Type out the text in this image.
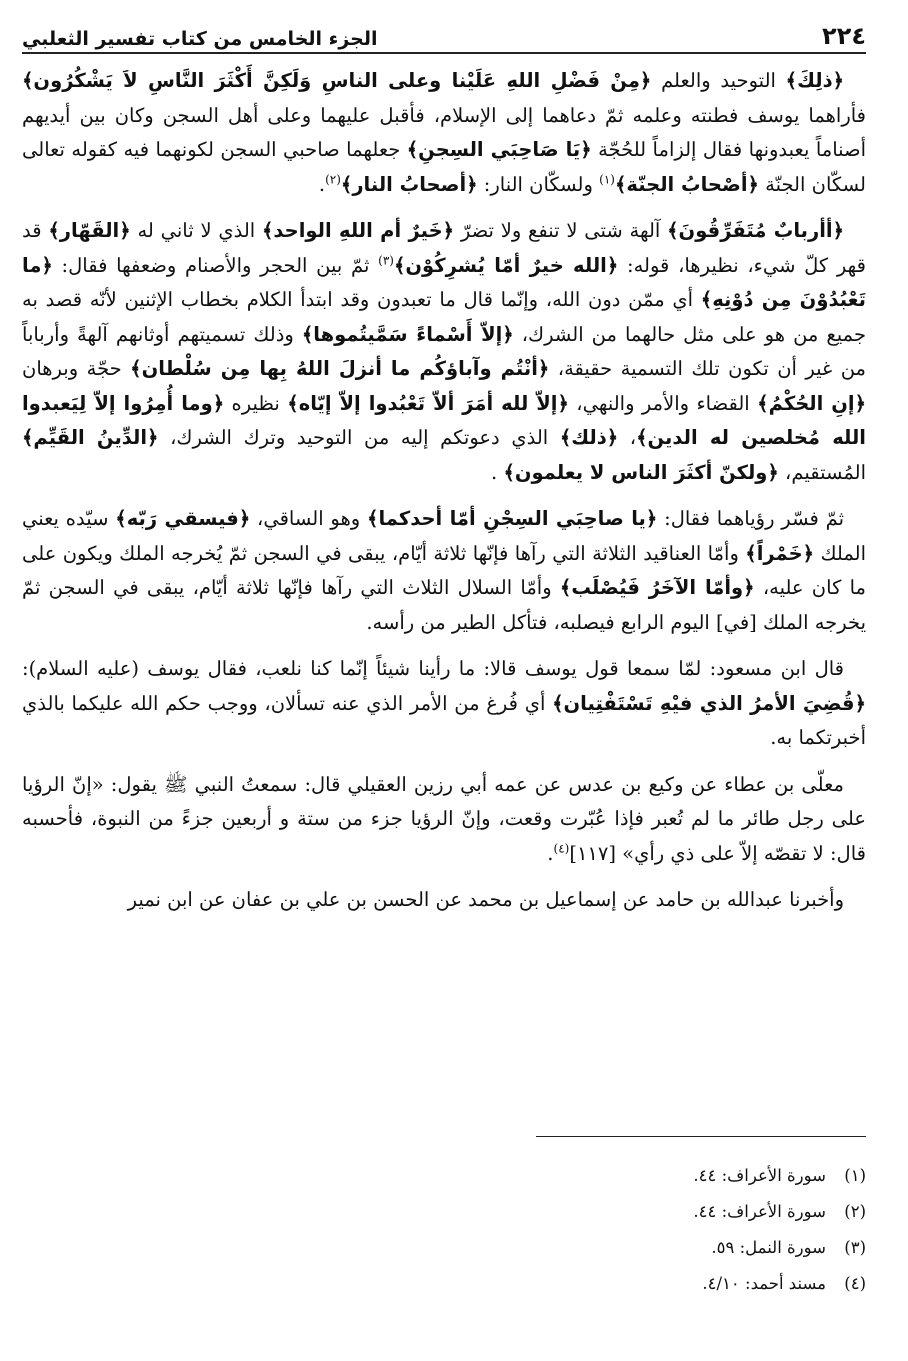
٢٢٤
الجزء الخامس من كتاب تفسير الثعلبي

﴿ذلِكَ﴾ التوحيد والعلم ﴿مِنْ فَضْلِ اللهِ عَلَيْنا وعلى الناسِ وَلَكِنَّ أَكْثَرَ النَّاسِ لاَ يَشْكُرُون﴾ فأراهما يوسف فطنته وعلمه ثمّ دعاهما إلى الإسلام، فأقبل عليهما وعلى أهل السجن وكان بين أيديهم أصناماً يعبدونها فقال إلزاماً للحُجّة ﴿يَا صَاحِبَي السِجنِ﴾ جعلهما صاحبي السجن لكونهما فيه كقوله تعالى لسكّان الجنّة ﴿أصْحابُ الجنّة﴾$^{(١)}$ ولسكّان النار: ﴿أصحابُ النار﴾$^{(٢)}$.

﴿أأربابٌ مُتَفَرِّقُونَ﴾ آلهة شتى لا تنفع ولا تضرّ ﴿خَيرٌ أم اللهِ الواحد﴾ الذي لا ثاني له ﴿القَهّار﴾ قد قهر كلّ شيء، نظيرها، قوله: ﴿الله خيرٌ أمّا يُشرِكُوْن﴾$^{(٣)}$ ثمّ بين الحجر والأصنام وضعفها فقال: ﴿ما تَعْبُدُوْنَ مِن دُوْنِهِ﴾ أي ممّن دون الله، وإنّما قال ما تعبدون وقد ابتدأ الكلام بخطاب الإثنين لأنّه قصد به جميع من هو على مثل حالهما من الشرك، ﴿إلاّ أَسْماءً سَمَّيتُموها﴾ وذلك تسميتهم أوثانهم آلهةً وأرباباً من غير أن تكون تلك التسمية حقيقة، ﴿أنْتُم وآباؤكُم ما أنزلَ اللهُ بِها مِن سُلْطان﴾ حجّة وبرهان ﴿إنِ الحُكْمُ﴾ القضاء والأمر والنهي، ﴿إلاّ لله أمَرَ ألاّ تَعْبُدوا إلاّ إيّاه﴾ نظيره ﴿وما أُمِرُوا إلاّ لِيَعبدوا الله مُخلصين له الدين﴾، ﴿ذلك﴾ الذي دعوتكم إليه من التوحيد وترك الشرك، ﴿الدِّينُ القَيِّم﴾ المُستقيم، ﴿ولكنّ أكثَرَ الناس لا يعلمون﴾ .

ثمّ فسّر رؤياهما فقال: ﴿يا صاحِبَي السِجْنِ أمّا أحدكما﴾ وهو الساقي، ﴿فيسقي رَبّه﴾ سيّده يعني الملك ﴿خَمْراً﴾ وأمّا العناقيد الثلاثة التي رآها فإنّها ثلاثة أيّام، يبقى في السجن ثمّ يُخرجه الملك ويكون على ما كان عليه، ﴿وأمّا الآخَرُ فَيُصْلَب﴾ وأمّا السلال الثلاث التي رآها فإنّها ثلاثة أيّام، يبقى في السجن ثمّ يخرجه الملك [في] اليوم الرابع فيصلبه، فتأكل الطير من رأسه.

قال ابن مسعود: لمّا سمعا قول يوسف قالا: ما رأينا شيئاً إنّما كنا نلعب، فقال يوسف (عليه السلام): ﴿قُضِيَ الأمرُ الذي فيْهِ تَسْتَفْتِيان﴾ أي فُرغ من الأمر الذي عنه تسألان، ووجب حكم الله عليكما بالذي أخبرتكما به.

معلّى بن عطاء عن وكيع بن عدس عن عمه أبي رزين العقيلي قال: سمعتُ النبي ﷺ يقول: «إنّ الرؤيا على رجل طائر ما لم تُعبر فإذا عُبّرت وقعت، وإنّ الرؤيا جزء من ستة و أربعين جزءً من النبوة، فأحسبه قال: لا تقصّه إلاّ على ذي رأي» [١١٧]$^{(٤)}$.

وأخبرنا عبدالله بن حامد عن إسماعيل بن محمد عن الحسن بن علي بن عفان عن ابن نمير

(١)
سورة الأعراف: ٤٤.
(٢)
سورة الأعراف: ٤٤.
(٣)
سورة النمل: ٥٩.
(٤)
مسند أحمد: ٤/١٠.
